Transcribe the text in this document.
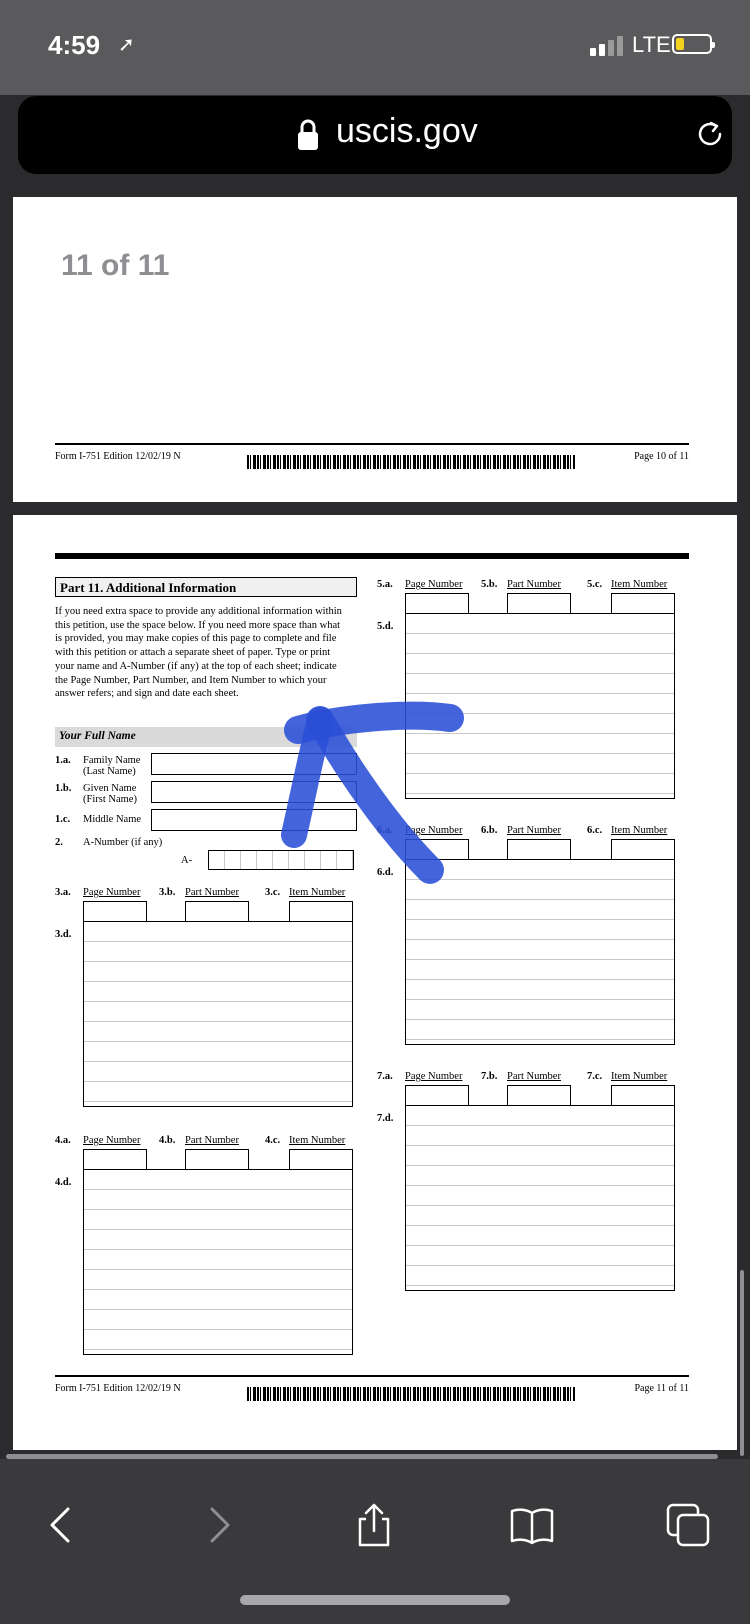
4:59 ➚	LTE
uscis.gov
11 of 11
Form I-751 Edition 12/02/19 N	Page 10 of 11
Part 11. Additional Information
If you need extra space to provide any additional information within this petition, use the space below. If you need more space than what is provided, you may make copies of this page to complete and file with this petition or attach a separate sheet of paper. Type or print your name and A-Number (if any) at the top of each sheet; indicate the Page Number, Part Number, and Item Number to which your answer refers; and sign and date each sheet.
Your Full Name
1.a. Family Name (Last Name)
1.b. Given Name (First Name)
1.c. Middle Name
2. A-Number (if any)
A-
3.a. Page Number 3.b. Part Number 3.c. Item Number
3.d.
4.a. Page Number 4.b. Part Number 4.c. Item Number
4.d.
5.a. Page Number 5.b. Part Number 5.c. Item Number
5.d.
6.a. Page Number 6.b. Part Number 6.c. Item Number
6.d.
7.a. Page Number 7.b. Part Number 7.c. Item Number
7.d.
Form I-751 Edition 12/02/19 N	Page 11 of 11
